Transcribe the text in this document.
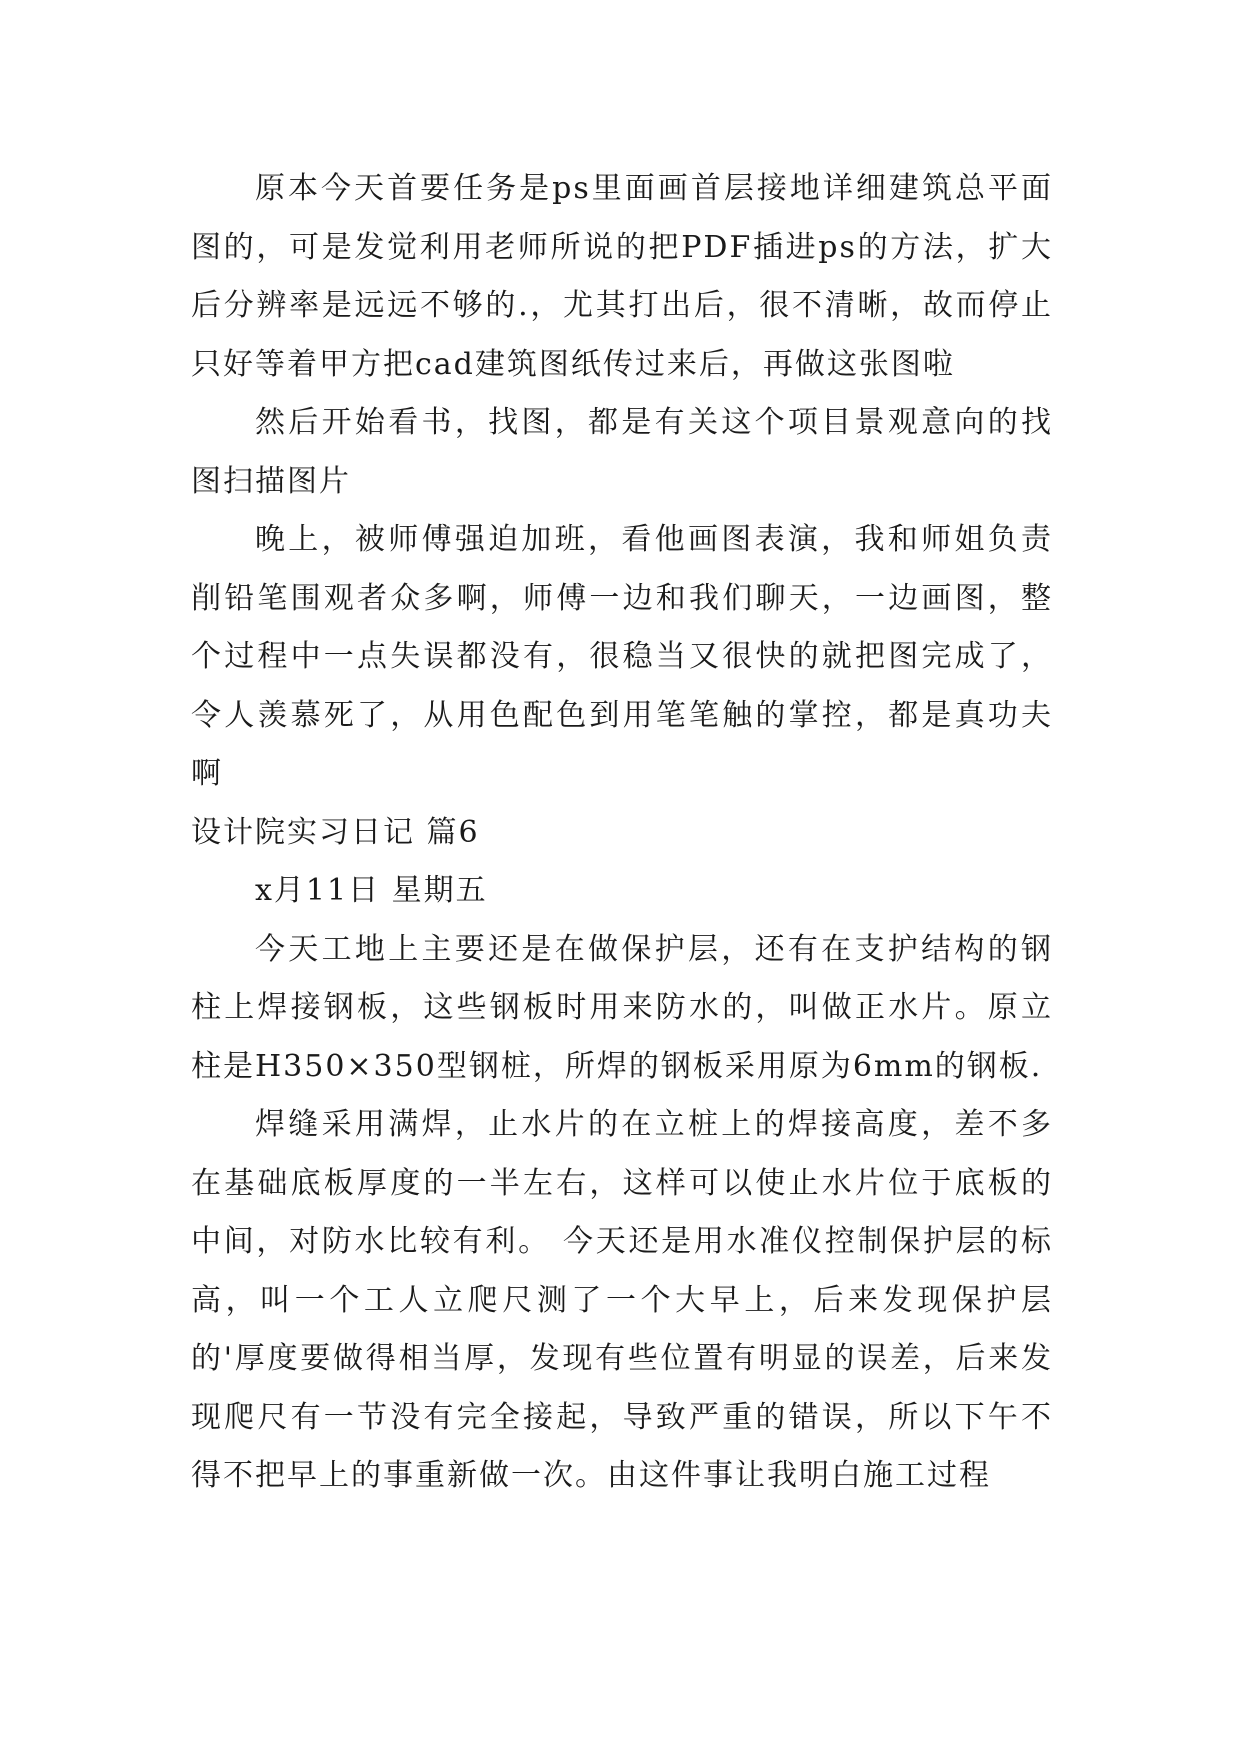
原本今天首要任务是ps里面画首层接地详细建筑总平面图的，可是发觉利用老师所说的把PDF插进ps的方法，扩大后分辨率是远远不够的.，尤其打出后，很不清晰，故而停止只好等着甲方把cad建筑图纸传过来后，再做这张图啦

然后开始看书，找图，都是有关这个项目景观意向的找图扫描图片

晚上，被师傅强迫加班，看他画图表演，我和师姐负责削铅笔围观者众多啊，师傅一边和我们聊天，一边画图，整个过程中一点失误都没有，很稳当又很快的就把图完成了，令人羡慕死了，从用色配色到用笔笔触的掌控，都是真功夫啊

设计院实习日记 篇6

x月11日 星期五

今天工地上主要还是在做保护层，还有在支护结构的钢柱上焊接钢板，这些钢板时用来防水的，叫做正水片。原立柱是H350×350型钢桩，所焊的钢板采用原为6mm的钢板.

焊缝采用满焊，止水片的在立桩上的焊接高度，差不多在基础底板厚度的一半左右，这样可以使止水片位于底板的中间，对防水比较有利。 今天还是用水准仪控制保护层的标高，叫一个工人立爬尺测了一个大早上，后来发现保护层的'厚度要做得相当厚，发现有些位置有明显的误差，后来发现爬尺有一节没有完全接起，导致严重的错误，所以下午不得不把早上的事重新做一次。由这件事让我明白施工过程
